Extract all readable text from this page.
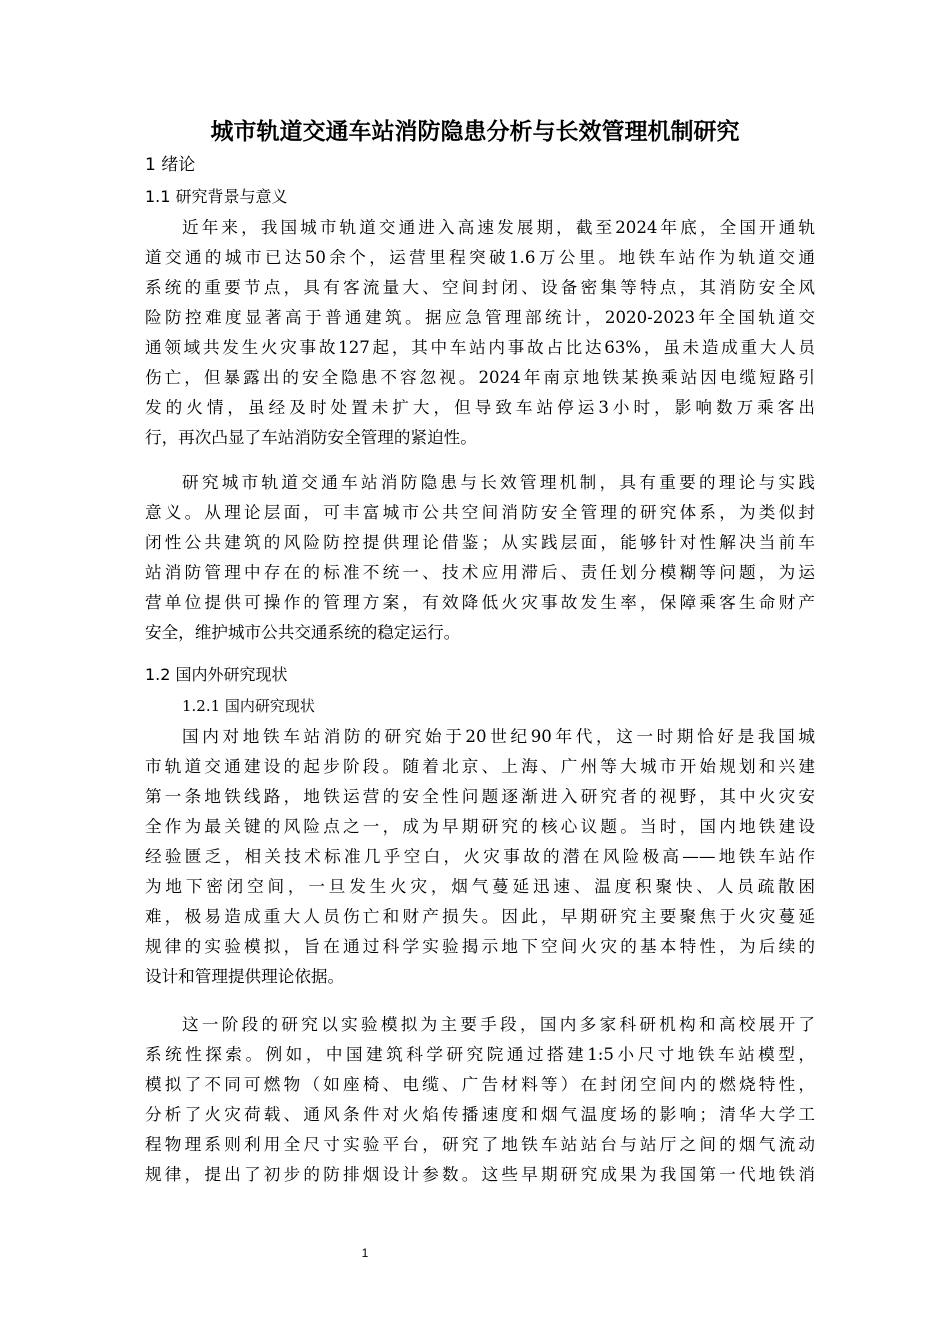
城市轨道交通车站消防隐患分析与长效管理机制研究
1 绪论
1.1 研究背景与意义
近年来，我国城市轨道交通进入高速发展期，截至2024年底，全国开通轨
道交通的城市已达50余个，运营里程突破1.6万公里。地铁车站作为轨道交通
系统的重要节点，具有客流量大、空间封闭、设备密集等特点，其消防安全风
险防控难度显著高于普通建筑。据应急管理部统计，2020-2023年全国轨道交
通领域共发生火灾事故127起，其中车站内事故占比达63%，虽未造成重大人员
伤亡，但暴露出的安全隐患不容忽视。2024年南京地铁某换乘站因电缆短路引
发的火情，虽经及时处置未扩大，但导致车站停运3小时，影响数万乘客出
行，再次凸显了车站消防安全管理的紧迫性。
研究城市轨道交通车站消防隐患与长效管理机制，具有重要的理论与实践
意义。从理论层面，可丰富城市公共空间消防安全管理的研究体系，为类似封
闭性公共建筑的风险防控提供理论借鉴；从实践层面，能够针对性解决当前车
站消防管理中存在的标准不统一、技术应用滞后、责任划分模糊等问题，为运
营单位提供可操作的管理方案，有效降低火灾事故发生率，保障乘客生命财产
安全，维护城市公共交通系统的稳定运行。
1.2 国内外研究现状
1.2.1 国内研究现状
国内对地铁车站消防的研究始于20世纪90年代，这一时期恰好是我国城
市轨道交通建设的起步阶段。随着北京、上海、广州等大城市开始规划和兴建
第一条地铁线路，地铁运营的安全性问题逐渐进入研究者的视野，其中火灾安
全作为最关键的风险点之一，成为早期研究的核心议题。当时，国内地铁建设
经验匮乏，相关技术标准几乎空白，火灾事故的潜在风险极高——地铁车站作
为地下密闭空间，一旦发生火灾，烟气蔓延迅速、温度积聚快、人员疏散困
难，极易造成重大人员伤亡和财产损失。因此，早期研究主要聚焦于火灾蔓延
规律的实验模拟，旨在通过科学实验揭示地下空间火灾的基本特性，为后续的
设计和管理提供理论依据。
这一阶段的研究以实验模拟为主要手段，国内多家科研机构和高校展开了
系统性探索。例如，中国建筑科学研究院通过搭建1:5小尺寸地铁车站模型，
模拟了不同可燃物（如座椅、电缆、广告材料等）在封闭空间内的燃烧特性，
分析了火灾荷载、通风条件对火焰传播速度和烟气温度场的影响；清华大学工
程物理系则利用全尺寸实验平台，研究了地铁车站站台与站厅之间的烟气流动
规律，提出了初步的防排烟设计参数。这些早期研究成果为我国第一代地铁消
1
